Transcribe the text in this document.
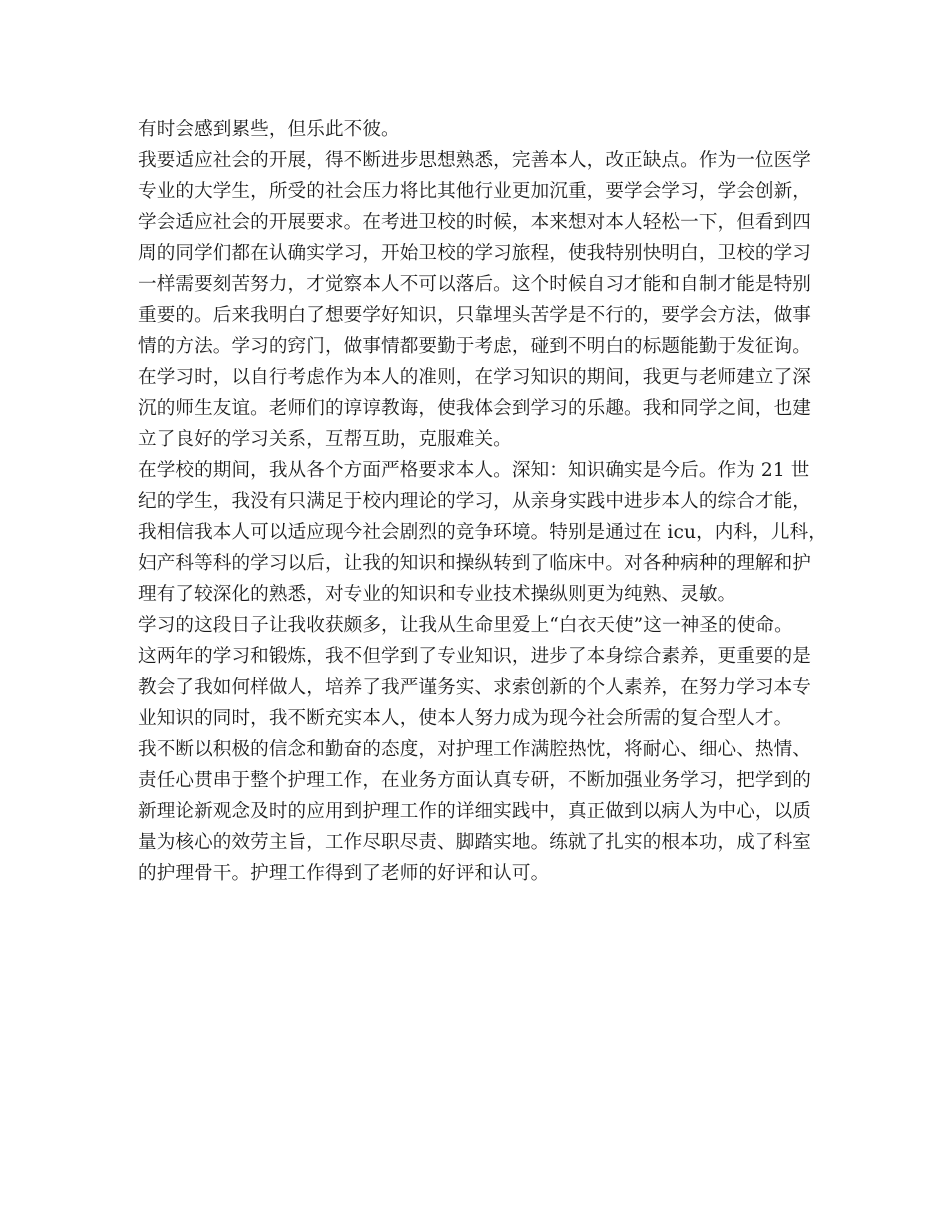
有时会感到累些，但乐此不彼。
我要适应社会的开展，得不断进步思想熟悉，完善本人，改正缺点。作为一位医学
专业的大学生，所受的社会压力将比其他行业更加沉重，要学会学习，学会创新，
学会适应社会的开展要求。在考进卫校的时候，本来想对本人轻松一下，但看到四
周的同学们都在认确实学习，开始卫校的学习旅程，使我特别快明白，卫校的学习
一样需要刻苦努力，才觉察本人不可以落后。这个时候自习才能和自制才能是特别
重要的。后来我明白了想要学好知识，只靠埋头苦学是不行的，要学会方法，做事
情的方法。学习的窍门，做事情都要勤于考虑，碰到不明白的标题能勤于发征询。
在学习时，以自行考虑作为本人的准则，在学习知识的期间，我更与老师建立了深
沉的师生友谊。老师们的谆谆教诲，使我体会到学习的乐趣。我和同学之间，也建
立了良好的学习关系，互帮互助，克服难关。
在学校的期间，我从各个方面严格要求本人。深知：知识确实是今后。作为 21 世
纪的学生，我没有只满足于校内理论的学习，从亲身实践中进步本人的综合才能，
我相信我本人可以适应现今社会剧烈的竞争环境。特别是通过在 icu，内科，儿科，
妇产科等科的学习以后，让我的知识和操纵转到了临床中。对各种病种的理解和护
理有了较深化的熟悉，对专业的知识和专业技术操纵则更为纯熟、灵敏。
学习的这段日子让我收获颇多，让我从生命里爱上“白衣天使”这一神圣的使命。
这两年的学习和锻炼，我不但学到了专业知识，进步了本身综合素养，更重要的是
教会了我如何样做人，培养了我严谨务实、求索创新的个人素养，在努力学习本专
业知识的同时，我不断充实本人，使本人努力成为现今社会所需的复合型人才。
我不断以积极的信念和勤奋的态度，对护理工作满腔热忱，将耐心、细心、热情、
责任心贯串于整个护理工作，在业务方面认真专研，不断加强业务学习，把学到的
新理论新观念及时的应用到护理工作的详细实践中，真正做到以病人为中心，以质
量为核心的效劳主旨，工作尽职尽责、脚踏实地。练就了扎实的根本功，成了科室
的护理骨干。护理工作得到了老师的好评和认可。
